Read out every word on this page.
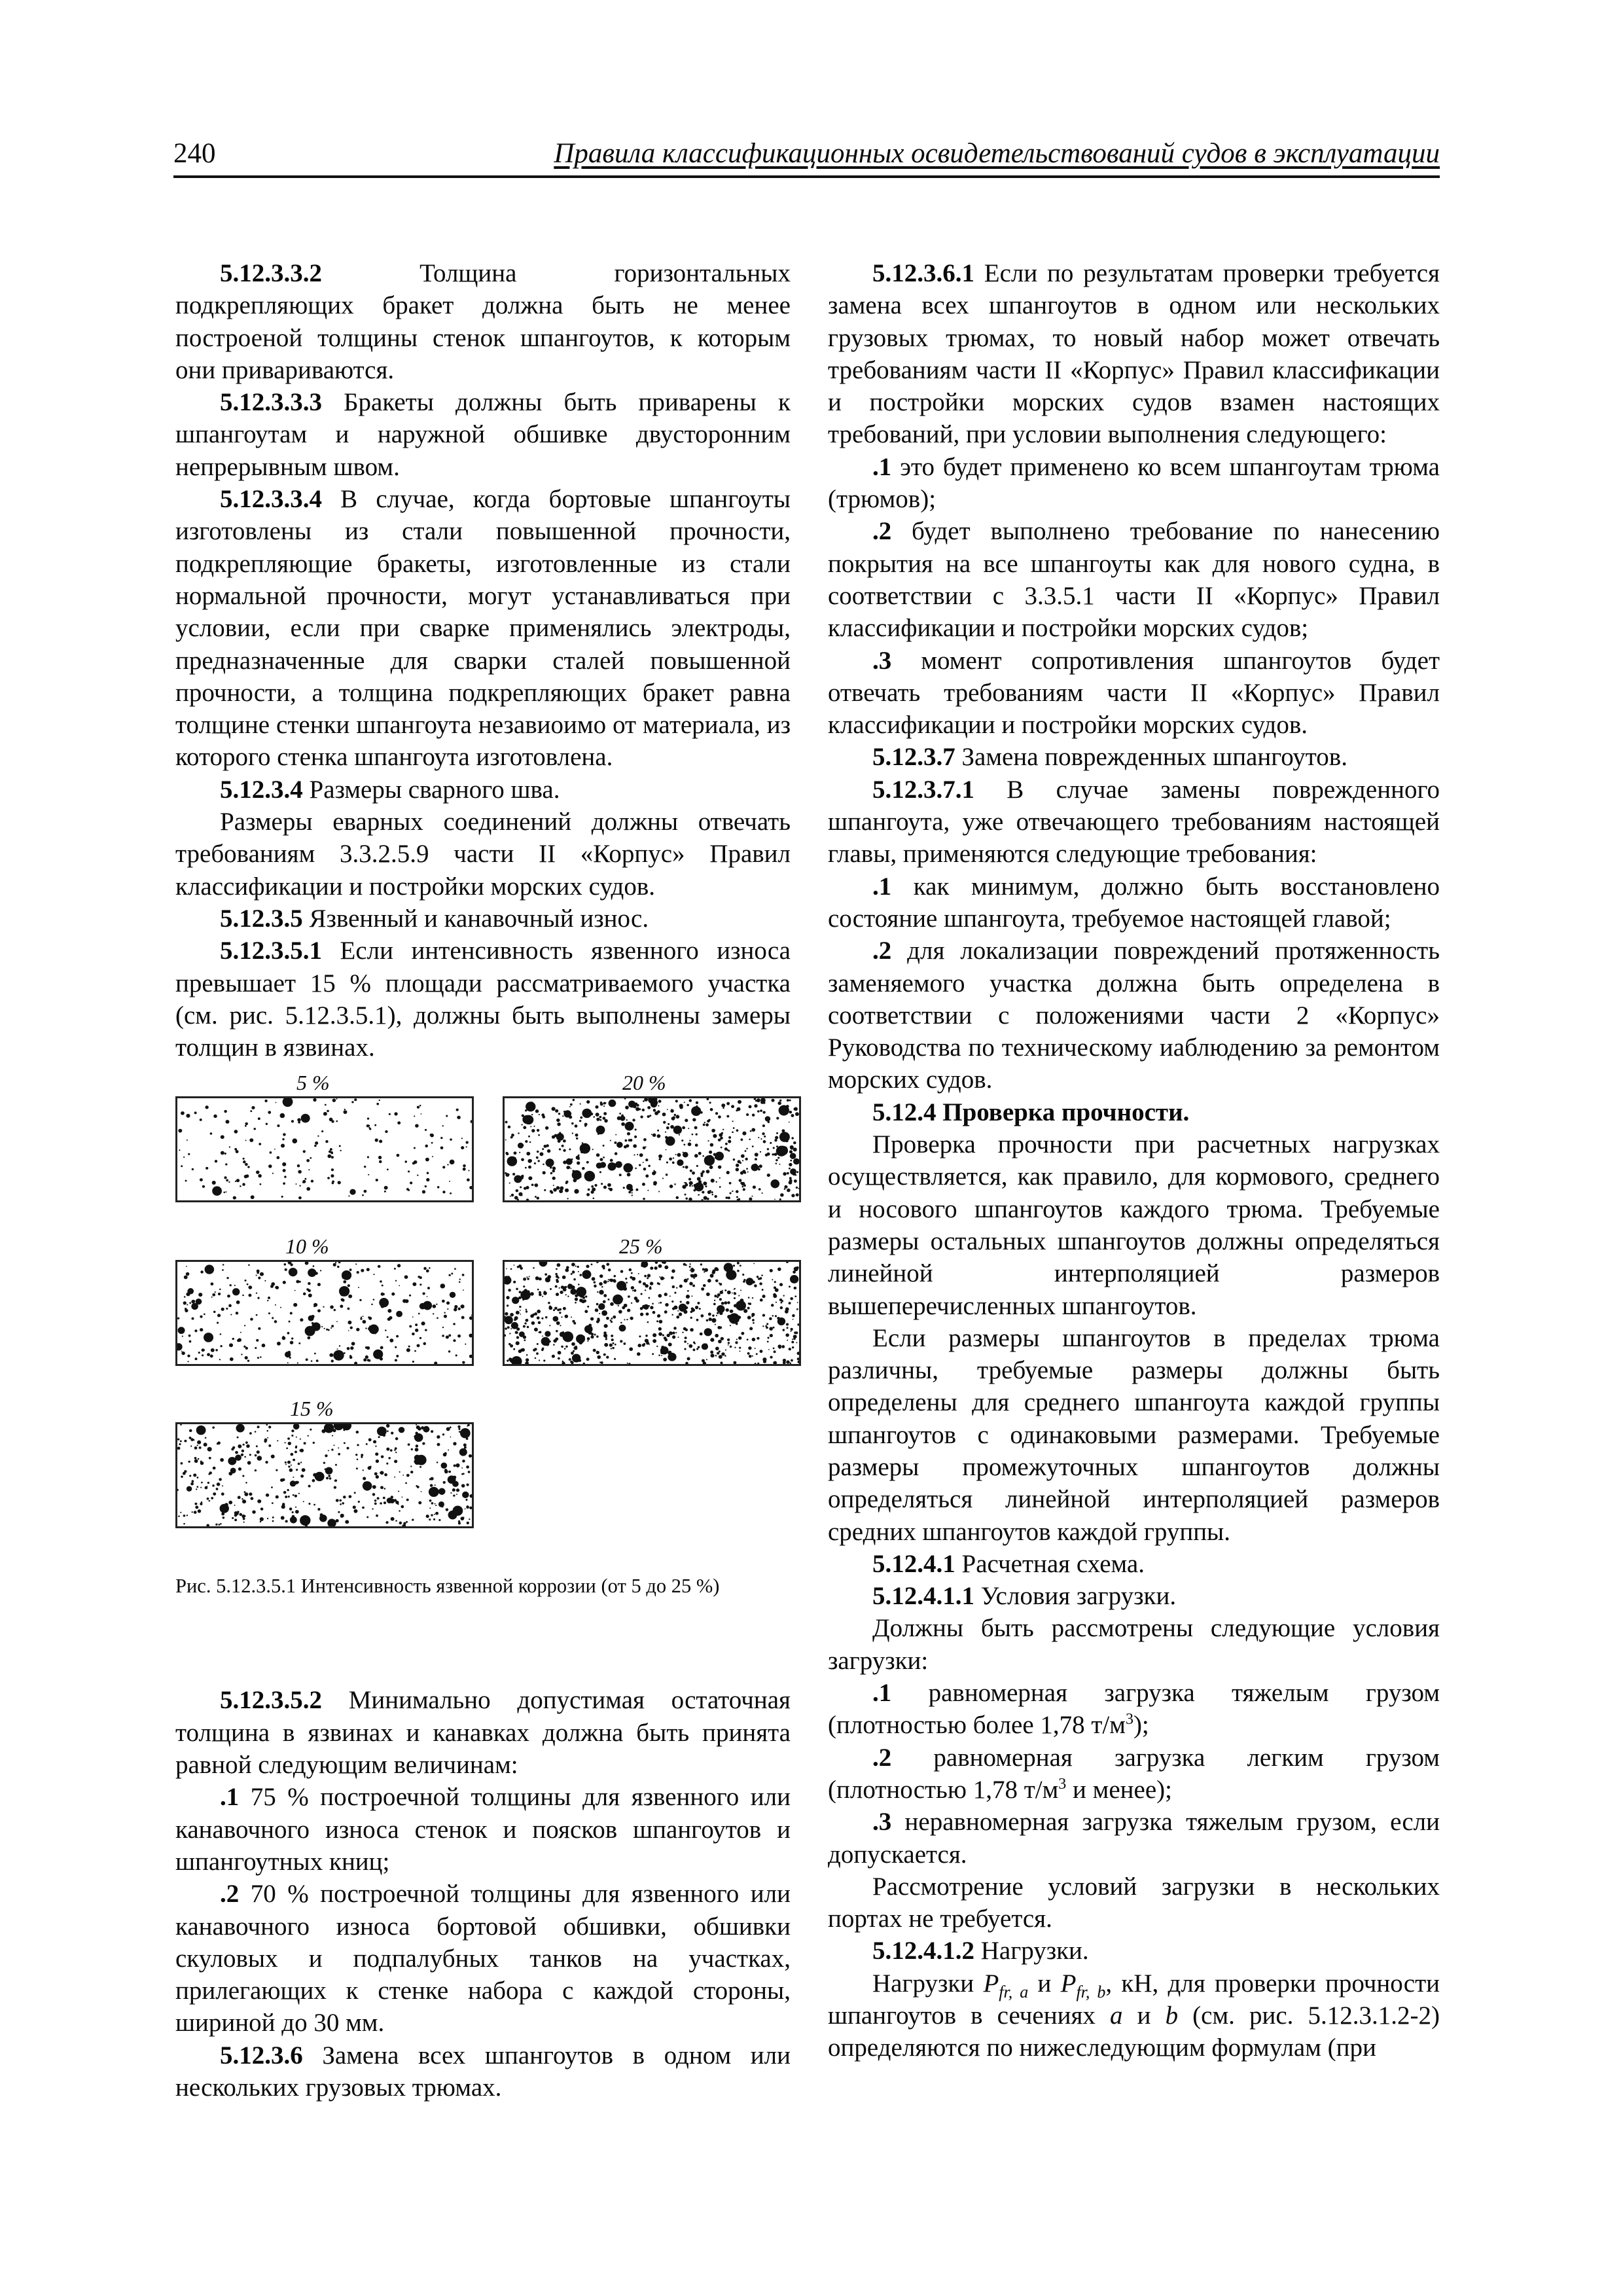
240	Правила классификационных освидетельствований судов в эксплуатации

5.12.3.3.2 Толщина горизонтальных подкрепляющих бракет должна быть не менее построеной толщины стенок шпангоутов, к которым они привариваются.

5.12.3.3.3 Бракеты должны быть приварены к шпангоутам и наружной обшивке двусторонним непрерывным швом.

5.12.3.3.4 В случае, когда бортовые шпангоуты изготовлены из стали повышенной прочности, подкрепляющие бракеты, изготовленные из стали нормальной прочности, могут устанавливаться при условии, если при сварке применялись электроды, предназначенные для сварки сталей повышенной прочности, а толщина подкрепляющих бракет равна толщине стенки шпангоута незавиоимо от материала, из которого стенка шпангоута изготовлена.

5.12.3.4 Размеры сварного шва.

Размеры еварных соединений должны отвечать требованиям 3.3.2.5.9 части II «Корпус» Правил классификации и постройки морских судов.

5.12.3.5 Язвенный и канавочный износ.

5.12.3.5.1 Если интенсивность язвенного износа превышает 15 % площади рассматриваемого участка (см. рис. 5.12.3.5.1), должны быть выполнены замеры толщин в язвинах.

5 %	20 %
10 %	25 %
15 %
Рис. 5.12.3.5.1 Интенсивность язвенной коррозии (от 5 до 25 %)

5.12.3.5.2 Минимально допустимая остаточная толщина в язвинах и канавках должна быть принята равной следующим величинам:

.1 75 % построечной толщины для язвенного или канавочного износа стенок и поясков шпангоутов и шпангоутных книц;

.2 70 % построечной толщины для язвенного или канавочного износа бортовой обшивки, обшивки скуловых и подпалубных танков на участках, прилегающих к стенке набора с каждой стороны, шириной до 30 мм.

5.12.3.6 Замена всех шпангоутов в одном или нескольких грузовых трюмах.

5.12.3.6.1 Если по результатам проверки требуется замена всех шпангоутов в одном или нескольких грузовых трюмах, то новый набор может отвечать требованиям части II «Корпус» Правил классификации и постройки морских судов взамен настоящих требований, при условии выполнения следующего:

.1 это будет применено ко всем шпангоутам трюма (трюмов);

.2 будет выполнено требование по нанесению покрытия на все шпангоуты как для нового судна, в соответствии с 3.3.5.1 части II «Корпус» Правил классификации и постройки морских судов;

.3 момент сопротивления шпангоутов будет отвечать требованиям части II «Корпус» Правил классификации и постройки морских судов.

5.12.3.7 Замена поврежденных шпангоутов.

5.12.3.7.1 В случае замены поврежденного шпангоута, уже отвечающего требованиям настоящей главы, применяются следующие требования:

.1 как минимум, должно быть восстановлено состояние шпангоута, требуемое настоящей главой;

.2 для локализации повреждений протяженность заменяемого участка должна быть определена в соответствии с положениями части 2 «Корпус» Руководства по техническому иаблюдению за ремонтом морских судов.

5.12.4 Проверка прочности.

Проверка прочности при расчетных нагрузках осуществляется, как правило, для кормового, среднего и носового шпангоутов каждого трюма. Требуемые размеры остальных шпангоутов должны определяться линейной интерполяцией размеров вышеперечисленных шпангоутов.

Если размеры шпангоутов в пределах трюма различны, требуемые размеры должны быть определены для среднего шпангоута каждой группы шпангоутов с одинаковыми размерами. Требуемые размеры промежуточных шпангоутов должны определяться линейной интерполяцией размеров средних шпангоутов каждой группы.

5.12.4.1 Расчетная схема.

5.12.4.1.1 Условия загрузки.

Должны быть рассмотрены следующие условия загрузки:

.1 равномерная загрузка тяжелым грузом (плотностью более 1,78 $т/м^3$);

.2 равномерная загрузка легким грузом (плотностью 1,78 $т/м^3$ и менее);

.3 неравномерная загрузка тяжелым грузом, если допускается.

Рассмотрение условий загрузки в нескольких портах не требуется.

5.12.4.1.2 Нагрузки.

Нагрузки $P_{fr, a}$ и $P_{fr, b}$, кН, для проверки прочности шпангоутов в сечениях a и b (см. рис. 5.12.3.1.2-2) определяются по нижеследующим формулам (при
